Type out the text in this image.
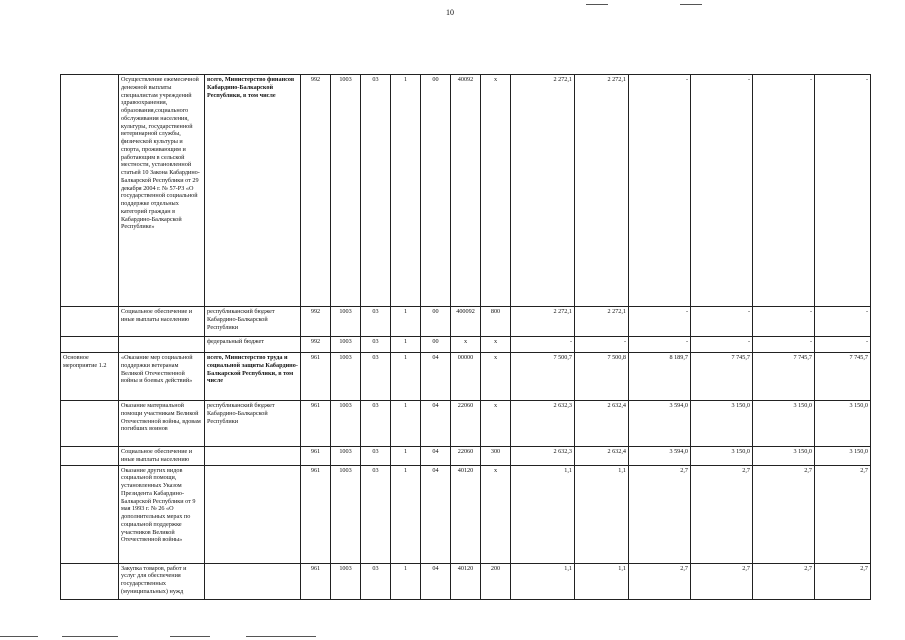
10
	Осуществление ежемесячной денежной выплаты специалистам учреждений здравоохранения, образования,социального обслуживания населения, культуры, государственной ветеринарной службы, физической культуры и спорта, проживающим и работающим в сельской местности, установленной статьей 10 Закона Кабардино-Балкарской Республики от 29 декабря 2004 г. № 57-РЗ «О государственной социальной поддержке отдельных категорий граждан в Кабардино-Балкарской Республике»	всего, Министерство финансов Кабардино-Балкарской Республики, в том числе	992	1003	03	1	00	40092	х	2 272,1	2 272,1	-	-	-	-
	Социальное обеспечение и иные выплаты населению	республиканский бюджет Кабардино-Балкарской Республики	992	1003	03	1	00	400092	800	2 272,1	2 272,1	-	-	-	-
		федеральный бюджет	992	1003	03	1	00	х	х	-	-	-	-	-	-
Основное мероприятие 1.2	«Оказание мер социальной поддержки ветеранам Великой Отечественной войны и боевых действий»	всего, Министерство труда и социальной защиты Кабардино-Балкарской Республики, в том числе	961	1003	03	1	04	00000	х	7 500,7	7 500,8	8 189,7	7 745,7	7 745,7	7 745,7
	Оказание материальной помощи участникам Великой Отечественной войны, вдовам погибших воинов	республиканский бюджет Кабардино-Балкарской Республики	961	1003	03	1	04	22060	х	2 632,3	2 632,4	3 594,0	3 150,0	3 150,0	3 150,0
	Социальное обеспечение и иные выплаты населению		961	1003	03	1	04	22060	300	2 632,3	2 632,4	3 594,0	3 150,0	3 150,0	3 150,0
	Оказание других видов социальной помощи, установленных Указом Президента Кабардино-Балкарской Республики от 9 мая 1993 г. № 26 «О дополнительных мерах по социальной поддержке участников Великой Отечественной войны»		961	1003	03	1	04	40120	х	1,1	1,1	2,7	2,7	2,7	2,7
	Закупка товаров, работ и услуг для обеспечения государственных (муниципальных) нужд		961	1003	03	1	04	40120	200	1,1	1,1	2,7	2,7	2,7	2,7
